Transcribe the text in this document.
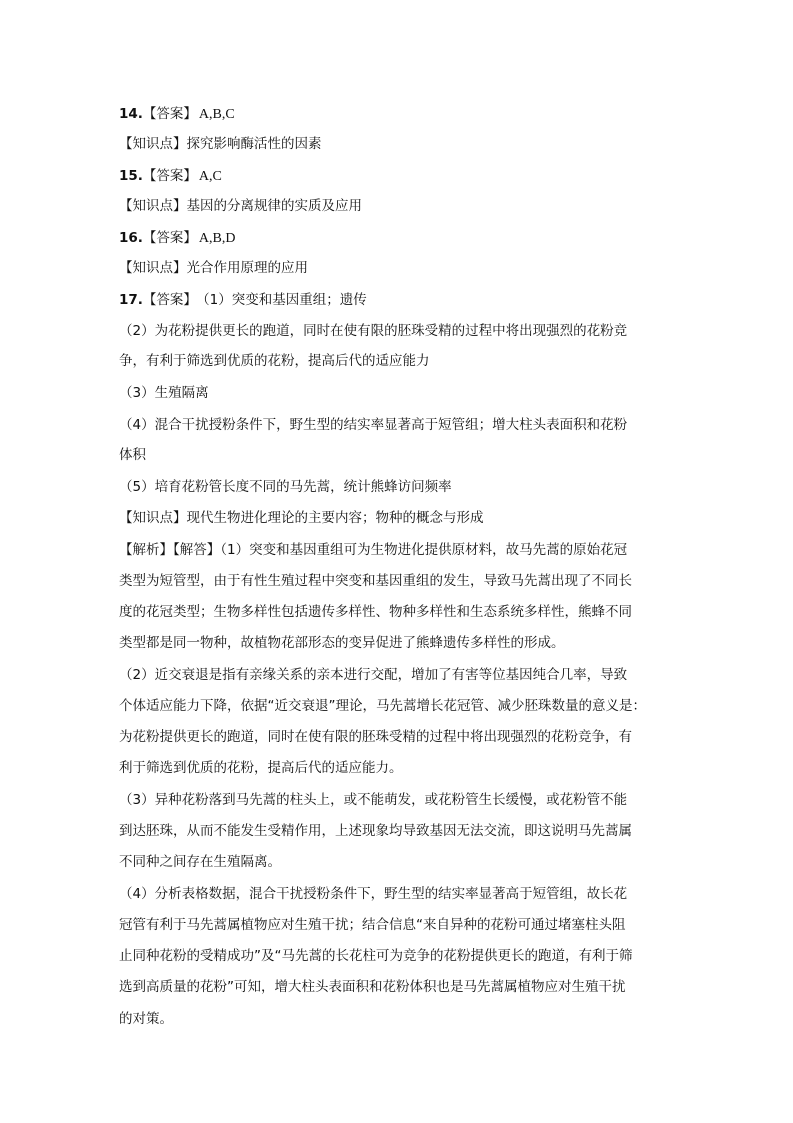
14.【答案】 A,B,C
【知识点】探究影响酶活性的因素
15.【答案】 A,C
【知识点】基因的分离规律的实质及应用
16.【答案】 A,B,D
【知识点】光合作用原理的应用
17.【答案】 （1）突变和基因重组；遗传
（2）为花粉提供更长的跑道，同时在使有限的胚珠受精的过程中将出现强烈的花粉竞
争，有利于筛选到优质的花粉，提高后代的适应能力
（3）生殖隔离
（4）混合干扰授粉条件下，野生型的结实率显著高于短管组；增大柱头表面积和花粉
体积
（5）培育花粉管长度不同的马先蒿，统计熊蜂访问频率
【知识点】现代生物进化理论的主要内容；物种的概念与形成
【解析】【解答】（1）突变和基因重组可为生物进化提供原材料，故马先蒿的原始花冠
类型为短管型，由于有性生殖过程中突变和基因重组的发生，导致马先蒿出现了不同长
度的花冠类型；生物多样性包括遗传多样性、物种多样性和生态系统多样性，熊蜂不同
类型都是同一物种，故植物花部形态的变异促进了熊蜂遗传多样性的形成。
（2）近交衰退是指有亲缘关系的亲本进行交配，增加了有害等位基因纯合几率，导致
个体适应能力下降，依据“近交衰退”理论，马先蒿增长花冠管、减少胚珠数量的意义是：
为花粉提供更长的跑道，同时在使有限的胚珠受精的过程中将出现强烈的花粉竞争，有
利于筛选到优质的花粉，提高后代的适应能力。
（3）异种花粉落到马先蒿的柱头上，或不能萌发，或花粉管生长缓慢，或花粉管不能
到达胚珠，从而不能发生受精作用，上述现象均导致基因无法交流，即这说明马先蒿属
不同种之间存在生殖隔离。
（4）分析表格数据，混合干扰授粉条件下，野生型的结实率显著高于短管组，故长花
冠管有利于马先蒿属植物应对生殖干扰；结合信息“来自异种的花粉可通过堵塞柱头阻
止同种花粉的受精成功”及“马先蒿的长花柱可为竞争的花粉提供更长的跑道，有利于筛
选到高质量的花粉”可知，增大柱头表面积和花粉体积也是马先蒿属植物应对生殖干扰
的对策。
